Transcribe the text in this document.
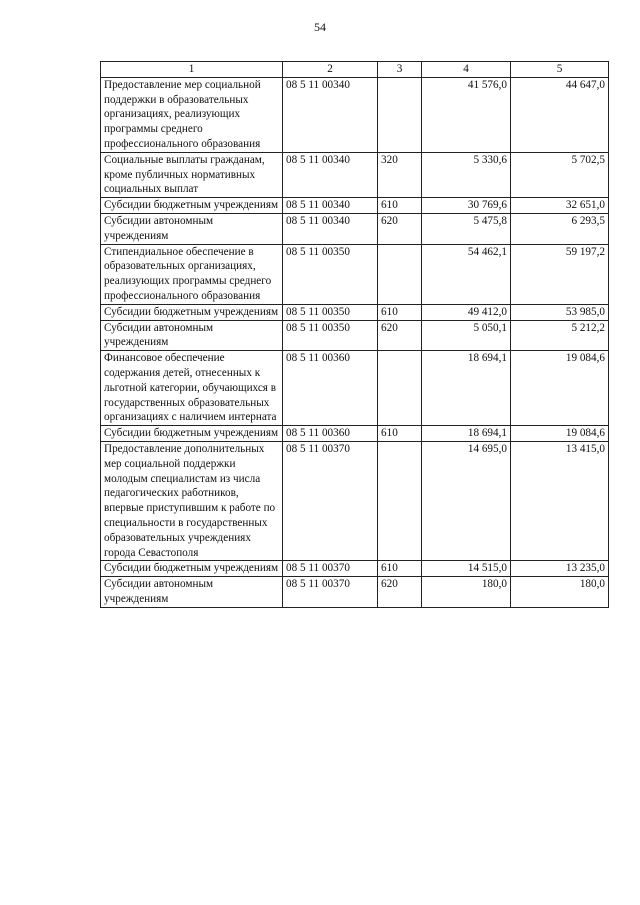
54
1	2	3	4	5
Предоставление мер социальной поддержки в образовательных организациях, реализующих программы среднего профессионального образования	08 5 11 00340		41 576,0	44 647,0
Социальные выплаты гражданам, кроме публичных нормативных социальных выплат	08 5 11 00340	320	5 330,6	5 702,5
Субсидии бюджетным учреждениям	08 5 11 00340	610	30 769,6	32 651,0
Субсидии автономным учреждениям	08 5 11 00340	620	5 475,8	6 293,5
Стипендиальное обеспечение в образовательных организациях, реализующих программы среднего профессионального образования	08 5 11 00350		54 462,1	59 197,2
Субсидии бюджетным учреждениям	08 5 11 00350	610	49 412,0	53 985,0
Субсидии автономным учреждениям	08 5 11 00350	620	5 050,1	5 212,2
Финансовое обеспечение содержания детей, отнесенных к льготной категории, обучающихся в государственных образовательных организациях с наличием интерната	08 5 11 00360		18 694,1	19 084,6
Субсидии бюджетным учреждениям	08 5 11 00360	610	18 694,1	19 084,6
Предоставление дополнительных мер социальной поддержки молодым специалистам из числа педагогических работников, впервые приступившим к работе по специальности в государственных образовательных учреждениях города Севастополя	08 5 11 00370		14 695,0	13 415,0
Субсидии бюджетным учреждениям	08 5 11 00370	610	14 515,0	13 235,0
Субсидии автономным учреждениям	08 5 11 00370	620	180,0	180,0
